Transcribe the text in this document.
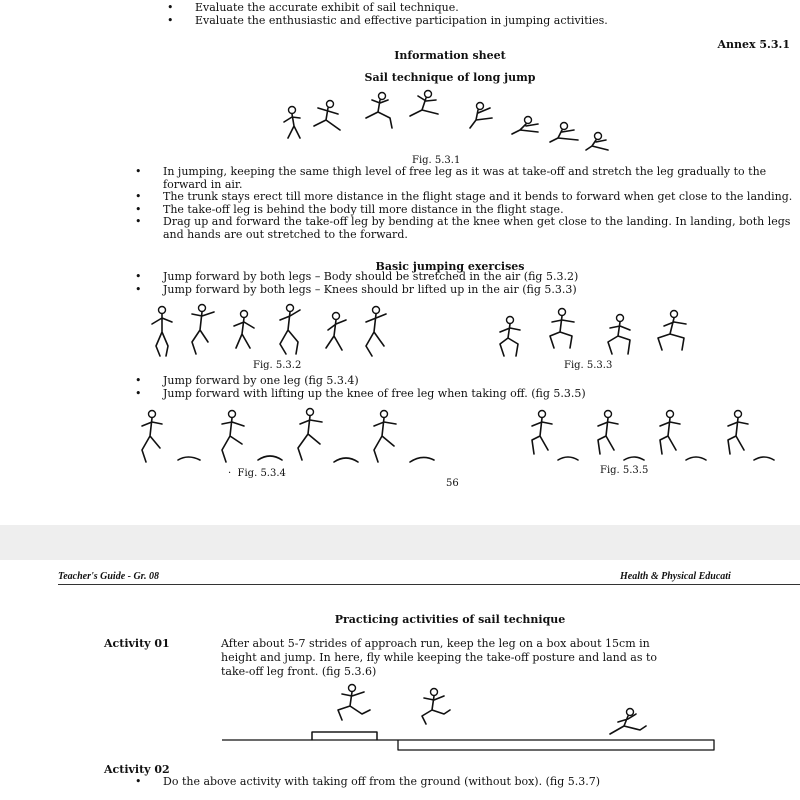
• Evaluate the accurate exhibit of sail technique.
• Evaluate the enthusiastic and effective participation in jumping activities.
Annex 5.3.1
Information sheet
Sail technique of long jump
Fig. 5.3.1
• In jumping, keeping the same thigh level of free leg as it was at take-off and stretch the leg gradually to the forward in air.
• The trunk stays erect till more distance in the flight stage and it bends to forward when get close to the landing.
• The take-off leg is behind the body till more distance in the flight stage.
• Drag up and forward the take-off leg by bending at the knee when get close to the landing. In landing, both legs and hands are out stretched to the forward.
Basic jumping exercises
• Jump forward by both legs – Body should be stretched in the air (fig 5.3.2)
• Jump forward by both legs – Knees should br lifted up in the air (fig 5.3.3)
Fig. 5.3.2	Fig. 5.3.3
• Jump forward by one leg (fig 5.3.4)
• Jump forward with lifting up the knee of free leg when taking off. (fig 5.3.5)
· Fig. 5.3.4	Fig. 5.3.5
56
Teacher's Guide - Gr. 08	Health & Physical Educati
Practicing activities of sail technique
Activity 01	After about 5-7 strides of approach run, keep the leg on a box about 15cm in
height and jump. In here, fly while keeping the take-off posture and land as to
take-off leg front. (fig 5.3.6)
Activity 02
• Do the above activity with taking off from the ground (without box). (fig 5.3.7)
